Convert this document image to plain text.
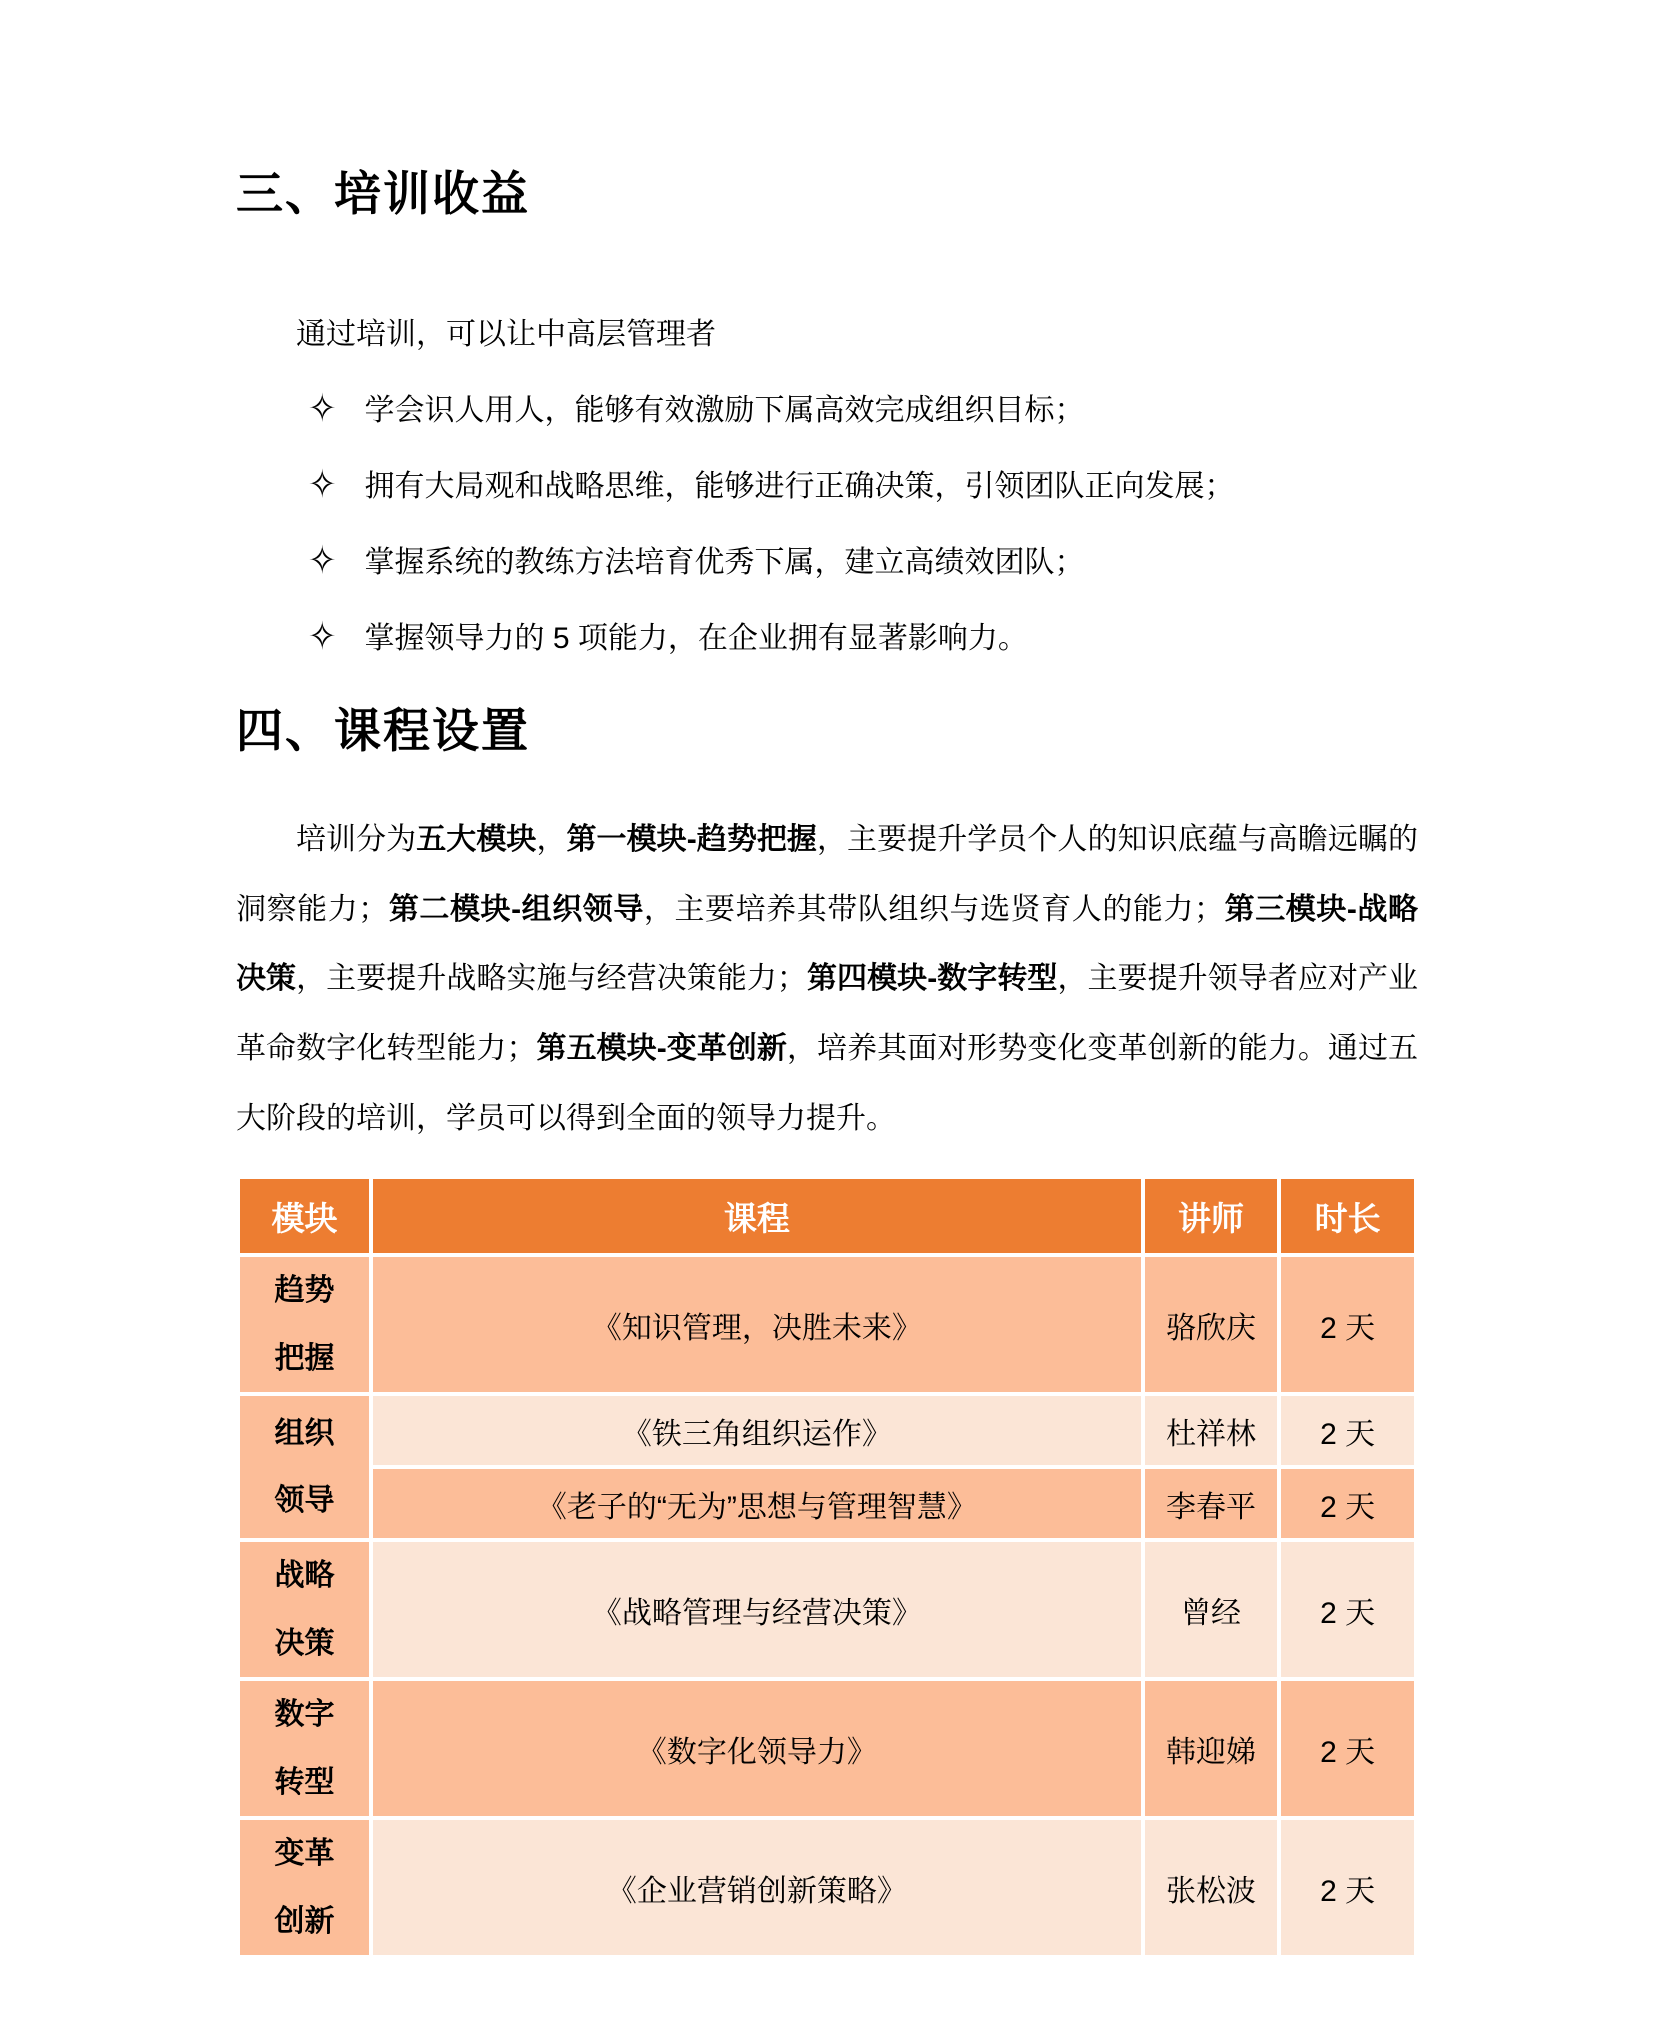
三、培训收益

通过培训，可以让中高层管理者

✧ 学会识人用人，能够有效激励下属高效完成组织目标；
✧ 拥有大局观和战略思维，能够进行正确决策，引领团队正向发展；
✧ 掌握系统的教练方法培育优秀下属，建立高绩效团队；
✧ 掌握领导力的 5 项能力，在企业拥有显著影响力。
四、课程设置

培训分为五大模块，第一模块-趋势把握，主要提升学员个人的知识底蕴与高瞻远瞩的洞察能力；第二模块-组织领导，主要培养其带队组织与选贤育人的能力；第三模块-战略决策，主要提升战略实施与经营决策能力；第四模块-数字转型，主要提升领导者应对产业革命数字化转型能力；第五模块-变革创新，培养其面对形势变化变革创新的能力。通过五大阶段的培训，学员可以得到全面的领导力提升。

模块	课程	讲师	时长
趋势
把握	《知识管理，决胜未来》	骆欣庆	2 天
组织
领导	《铁三角组织运作》	杜祥林	2 天
	《老子的“无为”思想与管理智慧》	李春平	2 天
战略
决策	《战略管理与经营决策》	曾经	2 天
数字
转型	《数字化领导力》	韩迎娣	2 天
变革
创新	《企业营销创新策略》	张松波	2 天
